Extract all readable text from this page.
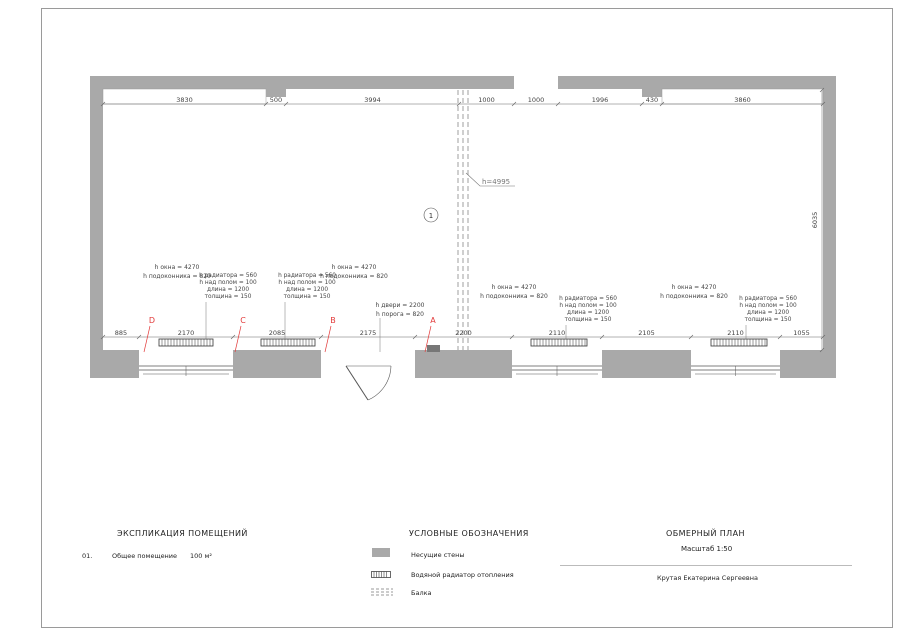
3830	500	3994	1000	1000	1996	430	3860
885	2170	2085	2175	2200	2110	2105	2110	1055
6035
1
h=4995
D	C	B	A
h окна = 4270
h подоконника = 820
h окна = 4270
h подоконника = 820
h окна = 4270
h подоконника = 820
h окна = 4270
h подоконника = 820
h радиатора = 560
h над полом = 100
длина = 1200
толщина = 150
h радиатора = 560
h над полом = 100
длина = 1200
толщина = 150	h радиатора = 560
h над полом = 100
длина = 1200
толщина = 150
h радиатора = 560
h над полом = 100
длина = 1200
толщина = 150
h двери = 2200
h порога = 820
ЭКСПЛИКАЦИЯ ПОМЕЩЕНИЙ
01.	Общее помещение 100 м²
УСЛОВНЫЕ ОБОЗНАЧЕНИЯ
Несущие стены
Водяной радиатор отопления
Балка
ОБМЕРНЫЙ ПЛАН
Масштаб 1:50
Крутая Екатерина Сергеевна
